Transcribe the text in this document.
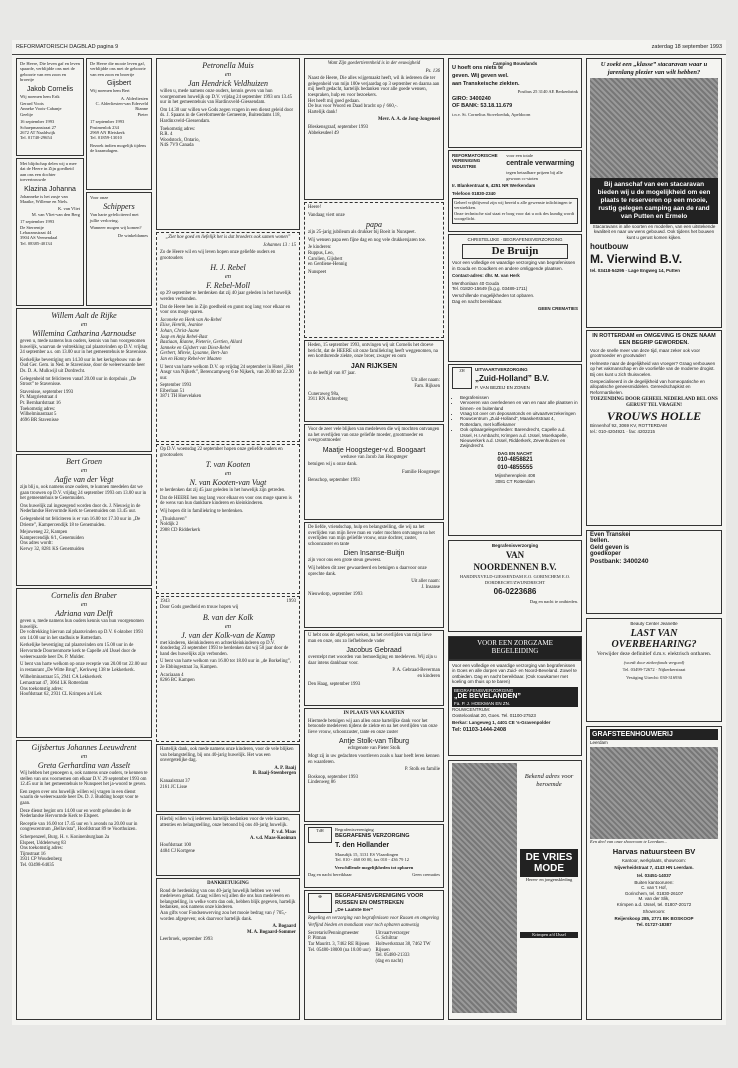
REFORMATORISCH DAGBLAD pagina 9	zaterdag 18 september 1993

De Heere, Die leven gaf en leven spaarde, verblijdde ons met de geboorte van een zoon en broertje

Jakob Cornelis

Wij noemen hem Erik

Gerard Voois
Anneke Voois-Cabanje
Geeltje

16 september 1993
Schaepmanstraat 27
2672 AT Naaldwijk
Tel. 01740-29654

De Heere die mooie leven gaf, verblijdde ons met de geboorte van een zoon en broertje

Gijsbert

Wij noemen hem Bert

A. Alderliesten
C. Alderliesten-van Ederveld
Rianne
Pieter

17 september 1993
Pruimenlok 234
2969 AN Bleiskerk
Tel. 01859-13010

Bezoek indien mogelijk tijdens de kraamdagen.

Met blijdschap delen wij u mee dat de Heere in Zijn goedheid aan ons een dochter toevertrouwde

Klazina Johanna

Johanneke is het zusje van Maaike, Willeme en Niels.

K. van Vliet
M. van Vliet-van den Berg

17 september 1993
De Sterrentje
Leharamstraat 44
3904 AS Veenendaal
Tel. 08385-40134

Voor onze

Schippers

Van harte gefeliciteerd met jullie verloving.

Wanneer mogen wij komen?

De winkeldames

Willem Aalt de Rijke
en
Willemina Catharina Aarnoudse

geven u, mede namens hun ouders, kennis van hun voorgenomen huwelijk, waarvan de voltrekking zal plaatsvinden op D.V. vrijdag 24 september a.s. om 13.00 uur in het gemeentehuis te Stavenisse.

Kerkelijke bevestiging om 14.30 uur in het kerkgebouw van de Oud Ger. Gem. in Ned. te Stavenisse, door de weleerwaarde heer Ds. D. A. Mulkwijl uit Dordrecht.

Gelegenheid tot feliciteren vanaf 20.00 uur in dorpshuis „De Stroot” te Stavenisse.

Stavenisse, september 1993
Pr. Margrietstraat 4
Pr. Bernhardstraat 16
Toekomstig adres:
Wilhelminastraat 5
4696 BR Stavenisse

Bert Groen
en
Aafje van der Vegt

zijn blij u, ook namens onze ouders, te kunnen meedelen dat we gaan trouwen op D.V. vrijdag 24 september 1993 om 13.00 uur in het gemeentehuis te Genemuiden.

Ons huwelijk zal ingezegend worden door ds. J. Nieuwig in de Nederlandse Hervormde Kerk te Genemuiden om 13.45 uur.

Gelegenheid tot feliciteren is er van 16.00 tot 17.30 uur in „De Drieste”, Kampercendijk 18 te Genemuiden.

Mejuweneg 22, Kampen
Kampercendijk 6/1, Genemuiden
Ons adres wordt:
Kerwy 32, 8281 KS Genemuiden

Cornelis den Braber
en
Adriana van Delft

geven u, mede namens hun ouders kennis van hun voorgenomen huwelijk.
De voltrekking hiervan zal plaatsvinden op D.V. 6 oktober 1993 om 14.00 uur in het stadhuis te Rotterdam.

Kerkelijke bevestiging zal plaatsvinden om 15.00 uur in de Hervormde Doornenmorte kerk te Capelle a/d IJssel door de weleerwaarde heer Ds. P. Mulder.

U bent van harte welkom op onze receptie van 20.00 tot 22.00 uur in restaurant „De Witte Brug”, Kerkweg 138 te Lekkerkerk.

Wilhelminastraat 55, 2941 CA Lekkerkerk
Lemastraat 47, 3064 LK Rotterdam
Ons toekomstig adres:
Hoofdstraat 62, 2931 CL Krimpen a/d Lek

Gijsbertus Johannes Leeuwdrent
en
Greta Gerhardina van Asselt

Wij hebben het genoegen u, ook namens onze ouders, te kennen te stellen van ons voornemen om elkaar D.V. 29 september 1993 om 12.45 uur in het gemeentehuis te Nunspeet het ja-woord te geven.

Een zegen over ons huwelijk willen wij vragen in een dienst waarin de weleerwaarde heer Ds. D. J. Budding hoopt voor te gaan.

Deze dienst begint om 14.00 uur en wordt gehouden in de Nederlandse Hervormde Kerk te Elspeet.

Receptie van 16.00 tot 17.45 uur en 's avonds na 20.00 uur in congrescentrum „Bellavista”, Hoofdstraat 89 te Voorthuizen.

Scherpenzeel, Burg. H. v. Koninenburglaan 2a
Elspeet, Uddelerweg 83
Ons toekomstig adres:
Tijmstraat 16
3931 CP Woudenberg
Tel. 03498-64035

Petronella Muis
en
Jan Hendrick Veldhuizen

willen u, mede namens onze ouders, kennis geven van hun voorgenomen huwelijk op D.V. vrijdag 24 september 1993 om 13.45 uur in het gemeentehuis van Hardinxveld-Giessendam.

Om 14.30 uur willen we Gods zegen vragen in een dienst geleid door ds. J. Spaans in de Gereformeerde Gemeente, Buitendams 118, Hardinxveld-Giessendam.

Toekomstig adres:
R.R. 4
Woodstock, Ontario,
N4S 7V9 Canada

„Ziet hoe goed en liefelijk het is dat broeders ook samen wonen”

Johannes 13 : 15

Zo de Heere wil en wij leven hopen onze geliefde ouders en grootouders

H. J. Rebel
en
F. Rebel-Moll

op 29 september te herdenken dat zij 40 jaar geleden in het huwelijk werden verbonden.

Dat de Heere hen in Zijn goedheid en gunst nog lang voor elkaar en voor ons moge sparen.

Jaconeke en Henk van As-Rebel
Elise, Henrik, Jeanine
Johan, Christ-Jaane
Jaap en Anja Rebel-Bast
Bastiaan, Rianne, Pieterie, Gertien, Allard
Janneke en Gijsbert van Diest-Rebel
Gerbert, Mireie, Lysanne, Bert-Jan
Jan en Hanny Rebel-ter Maaten

U bent van harte welkom D.V. op vrijdag 24 september in Hotel „Het Ansgr van Nijkerk”, Berencampweg 6 te Nijkerk, van 20.00 tot 22.30 uur.

September 1993
Eiberlaan 51
3871 TH Hoevelaken

Op D.V. woensdag 22 september hopen onze geliefde ouders en grootouders

T. van Kooten
en
N. van Kooten-van Vugt

te herdenken dat zij 45 jaar geleden in het huwelijk zijn getreden.

Dat de HEERE hen nog lang voor elkaar en voor ons moge sparen is de wens van hun dankbare kinderen en kleinkinderen.

Wij hopen dit in familiekring te herdenken.

„Thuishaven”
Noldijk 2
2988 CD Ridderkerk

1943	1993

Door Gods goedheid en trouw hopen wij

B. van der Kolk
en
J. van der Kolk-van de Kamp

met kinderen, kleinkinderen en achterkleinkinderen op D.V. donderdag 23 september 1993 te herdenken dat wij 50 jaar door de hand des huwelijks zijn verbonden.

U bent van harte welkom van 16.00 tot 18.00 uur in „de Borkeling”, 2e Ebbingestraat 3a, Kampen.

Acaciaaan 4
8266 BC Kampen

Hartelijk dank, ook mede namens onze kinderen, voor de vele blijken van belangstelling, bij ons 40-jarig huwelijk. Het was een onvergetelijke dag.

A. P. Baaij
B. Baaij-Steenbergen

Kanaalstraat 37
2161 JC Lisse

Hierbij willen wij iedereen hartelijk bedanken voor de vele kaarten, attenties en belangstelling, onze betoond bij ons 40-jarig huwelijk.

P. v.d. Maas
A. v.d. Maas-Kooiman

Hoofdstraat 100
4484 CJ Kortgene

DANKBETUIGING

Rond de herdenking van ons 40-jarig huwelijk hebben we veel medeleven gehad. Graag willen wij allen die ons hun medeleven en belangstelling, in welke vorm dan ook, hebben blijk gegeven, hartelijk bedanken, ook namens onze kinderen.
Aan gifts voor Fondsenwerving zou het mooie bedrag van ƒ 705,- worden afgegeven; ook daarvoor hartelijk dank.

A. Bogaard
M. A. Bogaard-Sommer

Leerbroek, september 1993

Want Zijn goedertierenheid is in der eeuwigheid

Ps. 136

Naast de Heere, Die alles wijgemaakt heeft, wil ik iedereen die ter gelegenheid van mijn 100e verjaardag op 3 september en daarna aan mij heeft gedacht, hartelijk bedanken voor alle goede wensen, toespraken, hulp en voor bezoekers.
Het heeft mij goed gedaan.
De bus voor Woord en Daad bracht op ƒ 660,-.
Hartelijk dank!

Mevr. A. A. de Jong-Jongeneel

Bleskensgraaf, september 1993
Abbekesdeel 49

Heere!

Vandaag viert onze

papa

zijn 25-jarig jubileum als drukker bij Boeit in Nunspeet.

Wij wensen papa een fijne dag en nog vele drukkersjaren toe.

Je kinderen:
Ruppus, Leo,
Carolien, Gijsbert
en Gerdiene-Hennig

Nunspeet

Heden, 15 september 1993, ontvingen wij uit Cornelis het droeve bericht, dat de HEERE uit onze familiekring heeft weggenomen, na een kortdurende ziekte, onze broer, zwager en oom

JAN RIJKSEN

in de leeftijd van 87 jaar.

Uit aller naam:
Fam. Rijksen

Cuneraweg 98a,
3911 RN Achterberg

Voor de zeer vele blijken van medeleven die wij mochten ontvangen na het overlijden van onze geliefde moeder, grootmoeder en overgrootmoeder

Maatje Hoogsteger-v.d. Boogaart

weduwe van Jacob Jan Hoogsteger

betuigen wij u onze dank.

Familie Hoogsteger

Benschop, september 1993

De liefde, vriendschap, hulp en belangstelling, die wij na het overlijden van mijn lieve man en vader mochten ontvangen na het overlijden van mijn geliefde vrouw, onze dochter, zuster, schoonzuster en tante

Dien Insanse-Buitjn

zijn voor ons een grote steun geweest.

Wij hebben dit zeer gewaardeerd en betuigen u daarvoor onze oprechte dank.

Uit aller naam:
J. Insanse

Nieuwdorp, september 1993

U hebt ons de afgelopen weken, na het overlijden van mijn lieve man en onze, ons zo liefhebbende vader

Jacobus Gebraad

overstelpt met woorden van bemoediging en medeleven. Wij zijn u daar intens dankbaar voor.

P. A. Gebraad-Beverman
en kinderen

Den Haag, september 1993

IN PLAATS VAN KAARTEN

Hiermede betuigen wij aan allen onze hartelijke dank voor het betoonde medeleven tijdens de ziekte en na het overlijden van onze lieve vrouw, schoonzuster, tante en onze zuster

Antje Stolk-van Tilburg

echtgenote van Pieter Stolk

Mogt zij in uw gedachten voortleven zoals u haar heeft leren kennen en waarderen.

P. Stolk en familie

Boskoop, september 1993
Lindenweg 86

TdH	Begrafenisvereniging

BEGRAFENIS VERZORGING

T. den Hollander

Maasdijk 15, 3131 ES Vlaardingen
Tel. 010 - 460 00 00, fax 010 - 436 79 12

Verschillende mogelijkheden tot opbaren

Dag en nacht bereikbaar	Geen crematies
✠	BEGRAFENISVERENIGING VOOR RUSSEN EN OMSTREKEN

„De Laatste Eer”

Regeling en verzorging van begrafenissen voor Russen en omgeving

Verfijnd bieden en mondiaan voor toch opbaren aanwezig

Secretaris/Penningmeester
P. Pitman
Tar Mauritt. 3, 7462 RE Rijssen
Tel. 05480-18000 (na 18.00 uur)

Uitvaartverzorger
G. Schiltrar
Holtwerkstraat 38, 7462 TW Rijssen
Tel. 05480-21333
(dag en nacht)

Camping Bouwlands

U hoeft ons niets te

geven. Wij geven wel.

aan Transkeische ziekten.

Postbus 25 3140 AE Berkenbrink

GIRO: 3400240

OF BANK: 53.18.11.679

t.n.v. St. Cornelius Stoveloeduk, Apeldoorn

REFORMATORISCHE VERENIGING INDUSTRIE

voor een totale

centrale verwarming

tegen betaalbare prijzen bij alle gewoon cc-stoten

Ir. Blankentraat 6, 4251 NR Werkendam

Telefoon 01830-2340

Geheel vrijblijvend zijn wij bereid u alle gewenste inlichtingen te verstrekken.
Onze technische staf staat er borg voor dat u ook des kundig wordt voorgelicht.

CHRISTELIJKE · BEGRAFENISVERZORGING

De Bruijn

Voor een volledige en waardige verzorging van begrafenissen in Gouda en Goudkers en andere omliggende plaatsen.

Contact-adres: dhr. M. van Herk

Menthonlaan 40 Gouda
Tel. 01820-15649 (b.g.g. 03489-1711)

Verschillende mogelijkheden tot opbaren.
Dag en nacht bereikbaar.

GEEN CREMATIES

ZH	UITVAARTVERZORGING

„Zuid-Holland” B.V.

P. VAN BEZEIJ EN ZONEN

• Begrafenissen
• Vervoeren van overledenen en van en naar alle plaatsen in binnen- en buitenland
• Vraag tot over om deposantonds en uitvaartverzekeringen
• Rouwcentrum „Zuid-Holland”, Maaskertstraat 4, Rotterdam, met koffiekamer
• Ook opbaargelegenheden: Barendrecht, Capelle a.d. IJssel, H.I.Ambacht, Krimpen a.d. IJssel, Moerkapelle, Nieuwerkerk a.d. IJssel, Ridderkerk, Zevenhuizen en Zwijndrecht.

DAG EN NACHT

010-4858821

010-4855555

Mijnsherenplein 408
3081 CT Rotterdam

Begrafenisverzorging

VAN

NOORDENNEN B.V.

HARDINXVELD-GIESSENDAM E.O. GORINCHEM E.O. DORDRECHT/ZWIJNDRECHT

06-0223686

Dag en nacht te ontbieden.

VOOR EEN ZORGZAME

BEGELEIDING

Voor een volledige en waardige verzorging van begrafenissen in Goes en alle dorpen van Zuid- en Noord-Beveland. Zowel te ontbieden. Dag en nacht bereikbaar. (Ook rouwkamer met koeling om thuis op te baren)

BEGRAFENISVERZORGING

„DE BEVELANDEN”

Fa. P. J. HOEKMAN EN ZN.

ROUWCENTRUM:
Oostelooslaat 20, Goes. Tel. 01100-27523

Berkar: Langeweg 1, 4401 CE 's-Gravenpolder

Tel: 01103-1444-2408

Bekend adres voor beroemde

DE VRIES MODE

Heren- en jongenskleding

Krimpen a/d IJssel

U zoekt een „klasse” stacaravan waar u jarenlang plezier van wilt hebben?

Bij aanschaf van een stacaravan bieden wij u de mogelijkheid om een plaats te reserveren op een mooie, rustig gelegen camping aan de rand van Putten en Ermelo

Stacaravans in alle soorten en modellen, van een uitstekende kwaliteit en naar uw wens gebouwd. Ook tijdens het bouwen kunt u gerust komen kijken.

houtbouw

M. Vierwind B.V.

tel. 03418-54295 · Lage Engweg 14, Putten

IN ROTTERDAM en OMGEVING IS ONZE NAAM EEN BEGRIP GEWORDEN.

Voor de snelle meer van deze tijd, maar zeker ook voor grootmoeder en grootvader!

Helmeste naar de degelijkheid van vroeger? Graag verbouwen op het vakmanschap en de voorliefde van de moderne drogist. Bij ons kunt u zich thuisvoelen.

Gespecialiseerd in de degelijkheid van homeopatische en allopatische geneesmiddelen. Gereedschapkist en Reformartikelen.

TOEZENDING DOOR GEHEEL NEDERLAND BEL ONS GERUST TEL VRAGEN!

VROUWS HOLLE

Binnenhof 92, 3069 KV, ROTTERDAM
tel.: 010-4204921 · fax: 4202215

Even Transkei

bellen.

Geld geven is

goedkoper

Postbank: 3400240

Beauty Center Jeanette

LAST VAN

OVERBEHARING?

Verwijder deze definitief d.m.v. elektrisch ontharen.

(wordt door ziekenfonds vergoed)

Tel. 03499-72672 · Nijkerkerstraat

Vestiging Utrecht: 030-316936

GRAFSTEENHOUWERIJ

Leerdam

Een deel van onze showroom te Leerdam...

Harvas natuursteen BV

Kantoor, werkplaats, showroom:

Nijverheidstraat 7, 4143 HN Leerdam.

tel. 03451-14037

Buiten kantooruren:
C. van 't Hof,
Gorinchem, tel. 01830-26107
M. van der Slik,
Krimpen a.d. IJssel, tel. 01807-20172

Showroom:

Reijerskoop 285, 2771 BK BOSKOOP
Tel. 01727-18387
